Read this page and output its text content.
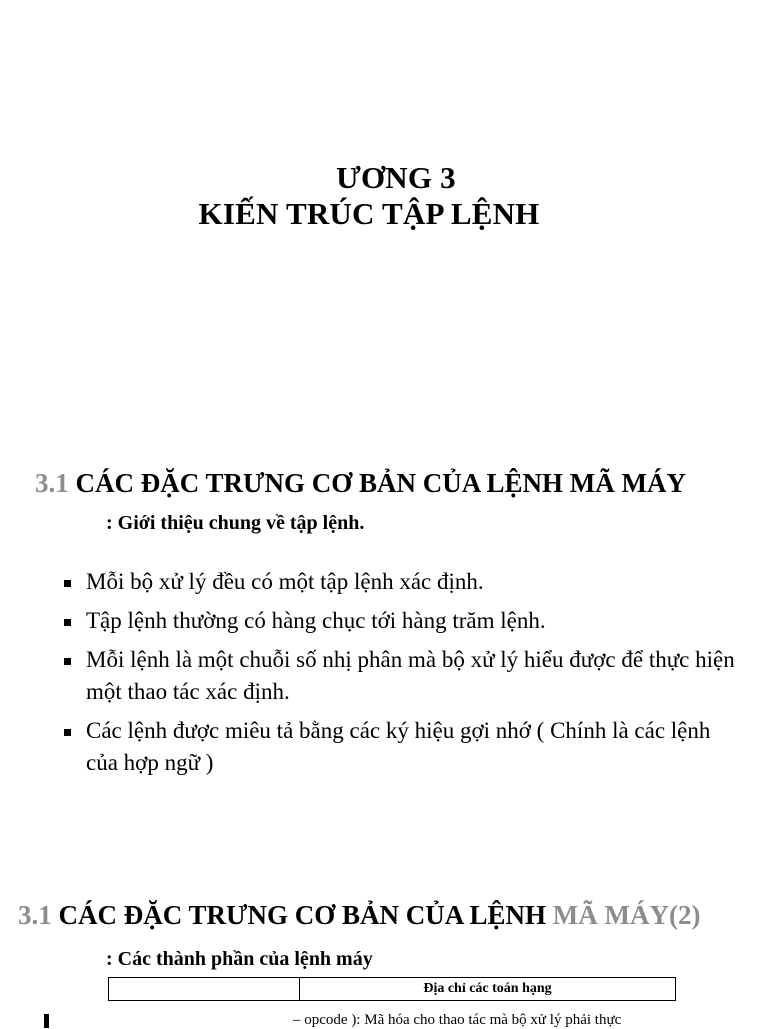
ƯƠNG 3
KIẾN TRÚC TẬP LỆNH
3.1 CÁC ĐẶC TRƯNG CƠ BẢN CỦA LỆNH MÃ MÁY
: Giới thiệu chung về tập lệnh.
Mỗi bộ xử lý đều có một tập lệnh xác định.
Tập lệnh thường có hàng chục tới hàng trăm lệnh.
Mỗi lệnh là một chuỗi số nhị phân mà bộ xử lý hiểu được để thực hiện một thao tác xác định.
Các lệnh được miêu tả bằng các ký hiệu gợi nhớ ( Chính là các lệnh của hợp ngữ )
3.1 CÁC ĐẶC TRƯNG CƠ BẢN CỦA LỆNH MÃ MÁY(2)
: Các thành phần của lệnh máy
	Địa chỉ các toán hạng
– opcode ): Mã hóa cho thao tác mà bộ xử lý phải thực
